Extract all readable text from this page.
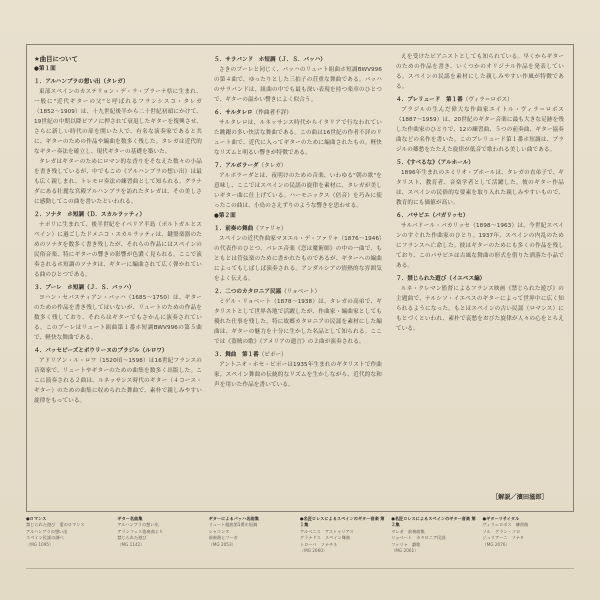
★曲目について
●第１面
１．アルハンブラの想い出（タレガ）
東部スペインのカステリョン・デ・ラ・プラーナ県に生まれ、一般に"近代ギターの父"と呼ばれるフランシスコ・タレガ（1852〜1909）は、十九世紀後半から二十世紀初頭にかけて、19世紀の中期以降ピアノに押されて衰退したギターを復興させ、さらに新しい時代の扉を開いた人で、有名な演奏家であると共に、ギターのための作品や編曲を数多く残した。タレガは近代的なギター奏法を確立し、現代ギターの基礎を築いた。
タレガはギターのためにロマン的な香りをそなえた数々の小品を書き残しているが、中でもこの《アルハンブラの想い出》は最も広く親しまれ、トレモロ奏法の練習曲として知られる。グラナダにある壮麗な宮殿アルハンブラを訪れたタレガは、その美しさに感動してこの曲を書いたといわれる。
２．ソナタ　ホ短調（Ｄ．スカルラッティ）
ナポリに生まれて、後半世紀をイベリア半島（ポルトガルとスペイン）に過ごしたドメニコ・スカルラッティは、鍵盤楽器のためのソナタを数多く書き残したが、それらの作品にはスペインの民俗音楽、特にギターの響きの影響が色濃く見られる。ここで演奏されるホ短調のソナタは、ギターに編曲されて広く弾かれている曲のひとつである。
３．ブーレ　ホ短調（Ｊ．Ｓ．バッハ）
ヨハン・セバスティアン・バッハ（1685〜1750）は、ギターのための作品を書き残してはいないが、リュートのための作品を数多く残しており、それらはギターでもさかんに演奏されている。このブーレはリュート組曲第１番ホ短調BWV996の第５曲で、軽快な舞曲である。
４．パッセピーズとボウリーヌのブラジル（ルロワ）
アドリアン・ル・ロワ（1520頃〜1598）は16世紀フランスの音楽家で、リュートやギターのための曲集を数多く出版した。ここに演奏される２曲は、ルネッサンス時代のギター（４コース・ギター）のための曲集に収められた舞曲で、素朴で親しみやすい旋律をもっている。
５．サラバンド　ホ短調（Ｊ．Ｓ．バッハ）
さきのブーレと同じく、バッハのリュート組曲ホ短調BWV996の第４曲で、ゆったりとした三拍子の荘重な舞曲である。バッハのサラバンドは、組曲の中でも最も深い表現を持つ楽章のひとつで、ギターの温かい響きによく似合う。
６．サルタレロ（作曲者不詳）
サルタレロは、ルネッサンス時代からイタリアで行なわれていた跳躍の多い快活な舞曲である。この曲は16世紀の作者不詳のリュート曲で、近代に入ってギターのために編曲されたもの。軽快なリズムと明るい響きが特徴である。
７．アルボラーダ（タレガ）
アルボラーダとは、夜明けのための音楽、いわゆる"朝の歌"を意味し、ここではスペインの民謡の旋律を素材に、タレガが美しいギター曲に仕上げている。ハーモニックス（倍音）を巧みに使ったこの曲は、小鳥のさえずりのような響きを思わせる。
●第２面
１．前奏の舞曲（ファリャ）
スペインの近代作曲家マヌエル・デ・ファリャ（1876〜1946）の代表作のひとつ、バレエ音楽《恋は魔術師》の中の一曲で、もともとは管弦楽のために書かれたものであるが、ギターへの編曲によってもしばしば演奏される。アンダルシアの情熱的な雰囲気をよく伝える。
２．二つのカタロニア民謡（リョベート）
ミゲル・リョベート（1878〜1938）は、タレガの高弟で、ギタリストとして世界各地で活躍したが、作曲家・編曲家としても優れた仕事を残した。特に故郷カタロニアの民謡を素材にした編曲は、ギターの魅力を十分に生かした名品として知られる。ここでは《盗賊の歌》《アメリアの遺言》の２曲が演奏される。
３．舞曲　第１番（ピポー）
アントニオ・ホセ・ピポーは1935年生まれのギタリストで作曲家。スペイン舞曲の伝統的なリズムを生かしながら、近代的な和声を用いた作品を書いている。
えを受けたピアニストとしても知られている。早くからギターのための作品を書き、いくつかのオリジナル作品を発表している。スペインの民謡を素材にした親しみやすい作風が特徴である。
４．プレリュード　第１番（ヴィラ＝ロボス）
ブラジルの生んだ偉大な作曲家エイトル・ヴィラ＝ロボス（1887〜1959）は、20世紀のギター音楽に最も大きな足跡を残した作曲家のひとりで、12の練習曲、５つの前奏曲、ギター協奏曲などの名作を書いた。このプレリュード第１番ホ短調は、ブラジルの郷愁をたたえた旋律が低音で歌われる美しい曲である。
５．《すべるな》（アルホール）
1896年生まれのエミリオ・プホールは、タレガの直弟子で、ギタリスト、教育者、音楽学者として活躍した。彼のギター作品は、スペインの民俗的な要素を取り入れた親しみやすいもので、教育的にも価値が高い。
６．パサピエ（パガリッセ）
サルバドール・バカリッセ（1898〜1963）は、今世紀スペインのすぐれた作曲家のひとり。1937年、スペインの内乱のためにフランスへ亡命した。彼はギターのためにも多くの作品を残しており、このパサピエは古風な舞曲の形式を借りた洒落た小品である。
７．禁じられた遊び（イエペス編）
ルネ・クレマン監督によるフランス映画《禁じられた遊び》の主題曲で、ナルシソ・イエペスのギターによって世界中に広く知られるようになった。もとはスペインの古い民謡（ロマンス）にもとづくといわれ、素朴で哀愁をおびた旋律が人々の心をとらえている。
［解説／濱田滋郎］
●ロマンス
禁じられた遊び　愛のロマンス
アルハンブラの想い出
スペイン民謡の調べ
（MG 1095）
ギター名曲集
アルハンブラの想い出
アランフェス協奏曲より
禁じられた遊び
（MG 1142）
ギターによるバッハ名曲集
リュート組曲第1番ホ短調
シャコンヌ
前奏曲とフーガ
（MG 2053）
●名匠ロレスによるスペインのギター音楽 第１集
アルベニス　アストゥリアス
グラナドス　スペイン舞曲
トローバ　ソナチネ
（MG 2060）
●名匠ロレスによるスペインのギター音楽 第２集
タレガ　前奏曲集
リョベート　カタロニア民謡
ファリャ　讃歌
（MG 2061）
●ギターリサイタル
ヴィラ＝ロボス　練習曲
ソル　グラン・ソロ
ジュリアーニ　ソナタ
（MG 2076）
